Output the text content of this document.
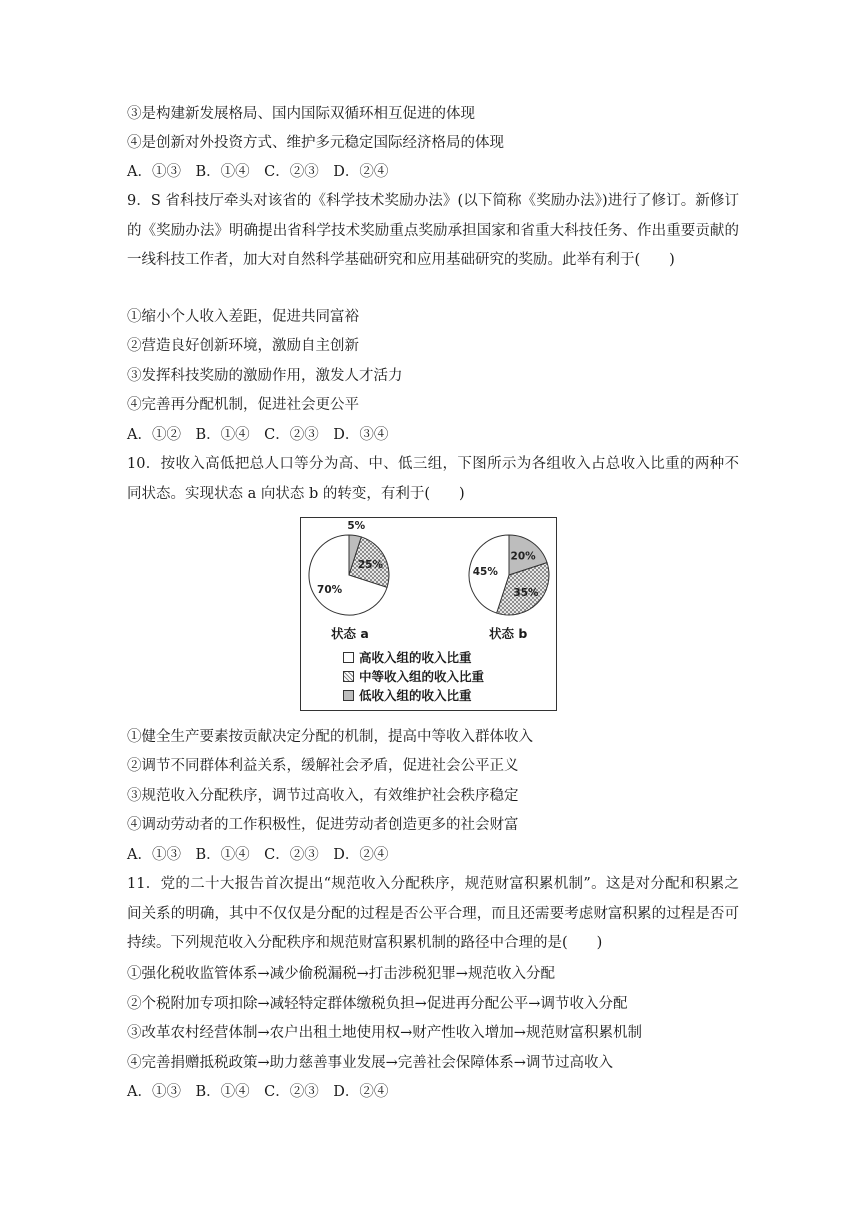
③是构建新发展格局、国内国际双循环相互促进的体现
④是创新对外投资方式、维护多元稳定国际经济格局的体现
A．①③　B．①④　C．②③　D．②④
9．S 省科技厅牵头对该省的《科学技术奖励办法》(以下简称《奖励办法》)进行了修订。新修订的《奖励办法》明确提出省科学技术奖励重点奖励承担国家和省重大科技任务、作出重要贡献的一线科技工作者，加大对自然科学基础研究和应用基础研究的奖励。此举有利于(　　)
①缩小个人收入差距，促进共同富裕
②营造良好创新环境，激励自主创新
③发挥科技奖励的激励作用，激发人才活力
④完善再分配机制，促进社会更公平
A．①②　B．①④　C．②③　D．③④
10．按收入高低把总人口等分为高、中、低三组，下图所示为各组收入占总收入比重的两种不同状态。实现状态 a 向状态 b 的转变，有利于(　　)
5%
25%
70%
20%
35%
45%
状态 a	状态 b
高收入组的收入比重
中等收入组的收入比重
低收入组的收入比重
①健全生产要素按贡献决定分配的机制，提高中等收入群体收入
②调节不同群体利益关系，缓解社会矛盾，促进社会公平正义
③规范收入分配秩序，调节过高收入，有效维护社会秩序稳定
④调动劳动者的工作积极性，促进劳动者创造更多的社会财富
A．①③　B．①④　C．②③　D．②④
11．党的二十大报告首次提出“规范收入分配秩序，规范财富积累机制”。这是对分配和积累之间关系的明确，其中不仅仅是分配的过程是否公平合理，而且还需要考虑财富积累的过程是否可持续。下列规范收入分配秩序和规范财富积累机制的路径中合理的是(　　)
①强化税收监管体系→减少偷税漏税→打击涉税犯罪→规范收入分配
②个税附加专项扣除→减轻特定群体缴税负担→促进再分配公平→调节收入分配
③改革农村经营体制→农户出租土地使用权→财产性收入增加→规范财富积累机制
④完善捐赠抵税政策→助力慈善事业发展→完善社会保障体系→调节过高收入
A．①③　B．①④　C．②③　D．②④
